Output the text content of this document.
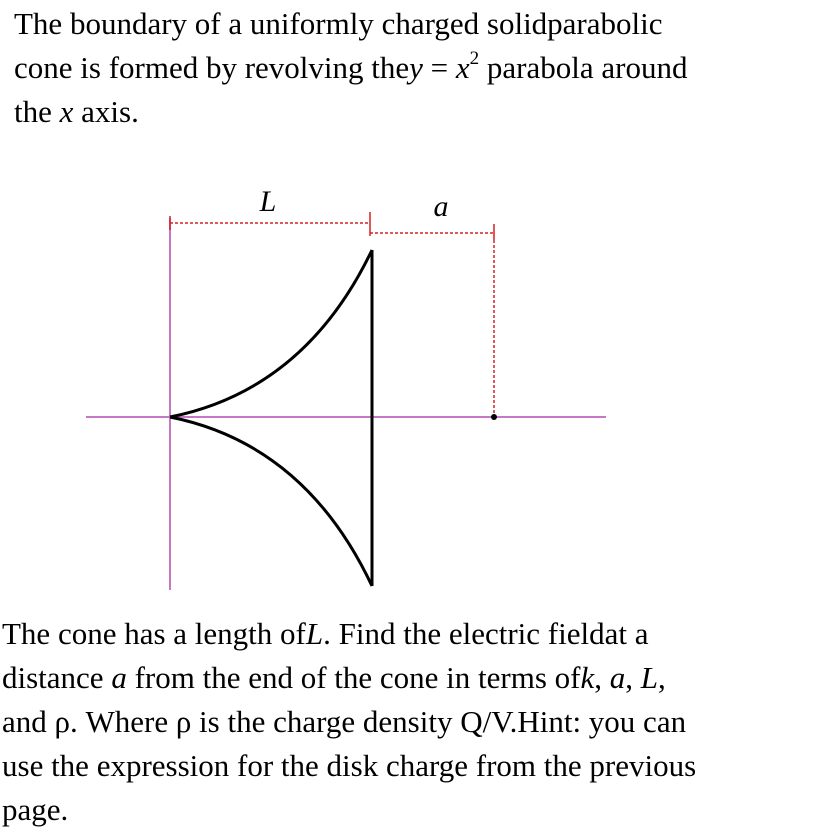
The boundary of a uniformly charged solidparabolic
cone is formed by revolving they = $x^2$ parabola around
the x axis.
L	a
The cone has a length ofL. Find the electric fieldat a
distance a from the end of the cone in terms ofk, a, L,
and ρ. Where ρ is the charge density Q/V.Hint: you can
use the expression for the disk charge from the previous
page.
